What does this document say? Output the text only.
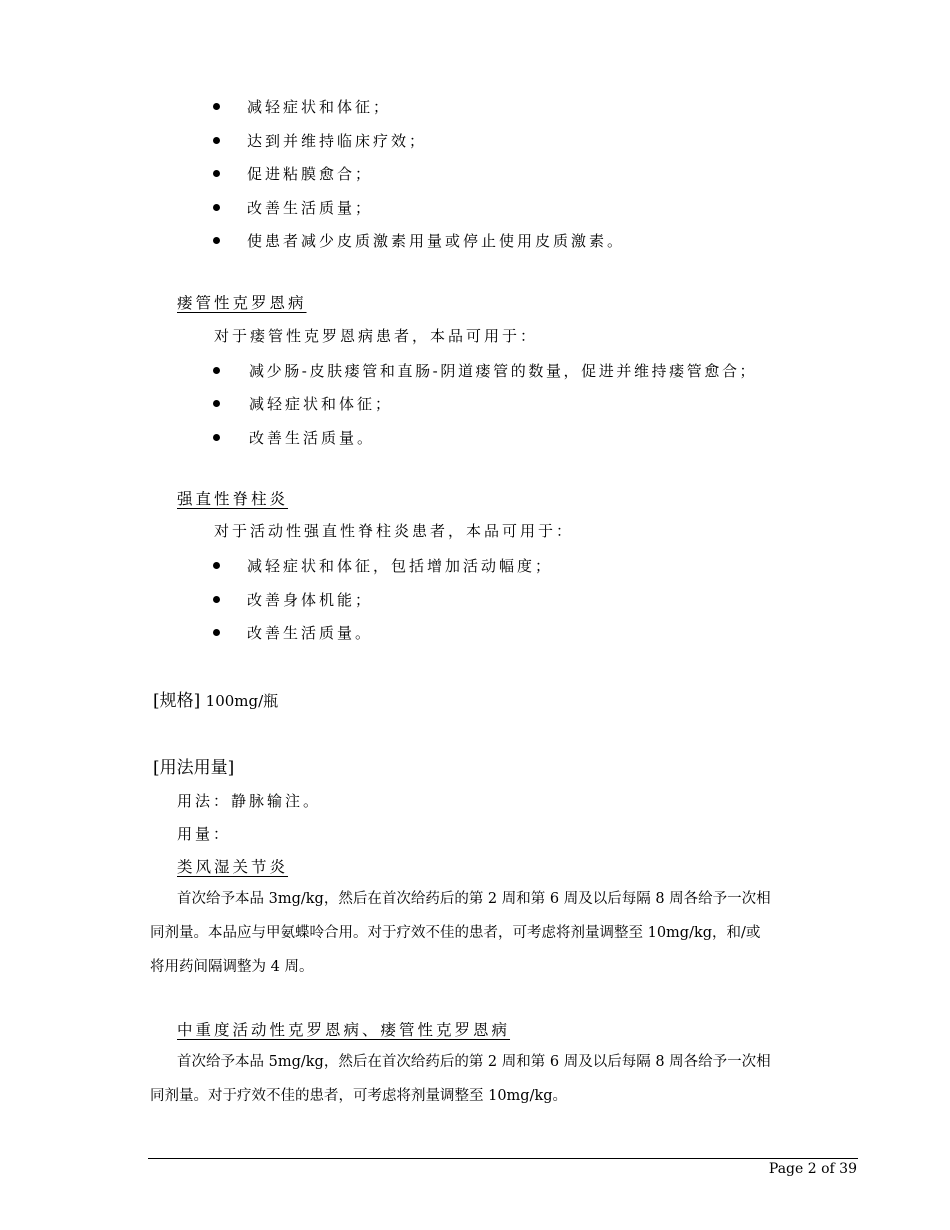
减轻症状和体征；
达到并维持临床疗效；
促进粘膜愈合；
改善生活质量；
使患者减少皮质激素用量或停止使用皮质激素。
瘘管性克罗恩病
对于瘘管性克罗恩病患者，本品可用于：
减少肠-皮肤瘘管和直肠-阴道瘘管的数量，促进并维持瘘管愈合；
减轻症状和体征；
改善生活质量。
强直性脊柱炎
对于活动性强直性脊柱炎患者，本品可用于：
减轻症状和体征，包括增加活动幅度；
改善身体机能；
改善生活质量。
[规格] 100mg/瓶
[用法用量]
用法：静脉输注。
用量：
类风湿关节炎
首次给予本品 3mg/kg，然后在首次给药后的第 2 周和第 6 周及以后每隔 8 周各给予一次相
同剂量。本品应与甲氨蝶呤合用。对于疗效不佳的患者，可考虑将剂量调整至 10mg/kg，和/或
将用药间隔调整为 4 周。
中重度活动性克罗恩病、瘘管性克罗恩病
首次给予本品 5mg/kg，然后在首次给药后的第 2 周和第 6 周及以后每隔 8 周各给予一次相
同剂量。对于疗效不佳的患者，可考虑将剂量调整至 10mg/kg。
Page 2 of 39
